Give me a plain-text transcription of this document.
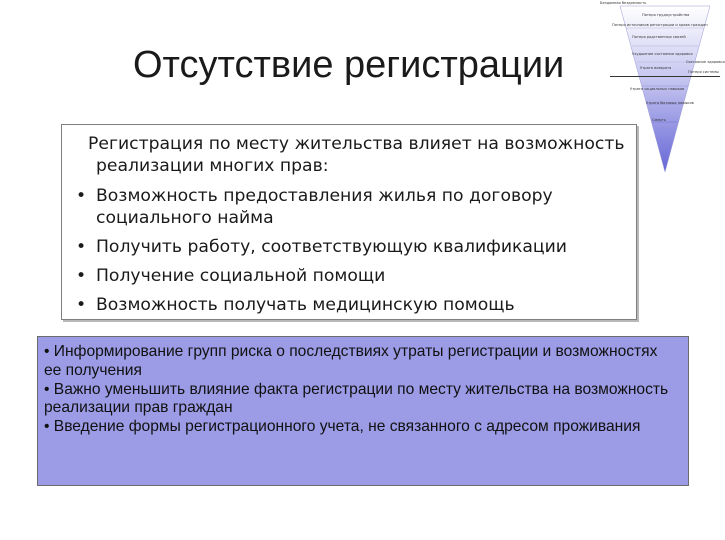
Отсутствие регистрации
Бездомная бездомность
Потеря трудоустройства
Потеря источников регистрации и крова граждан
Потеря родственных связей
Ухудшение состояния здоровья
Утрата возврата
Утрата социальных навыков
Утрата бытовых навыков
Смерть
Состояние здоровья
Потеря системы
Регистрация по месту жительства влияет на возможность реализации многих прав:
• Возможность предоставления жилья по договору социального найма
• Получить работу, соответствующую квалификации
• Получение социальной помощи
• Возможность получать медицинскую помощь
• Информирование групп риска о последствиях утраты регистрации и возможностях ее получения
• Важно уменьшить влияние факта регистрации по месту жительства на возможность реализации прав граждан
• Введение формы регистрационного учета, не связанного с адресом проживания
